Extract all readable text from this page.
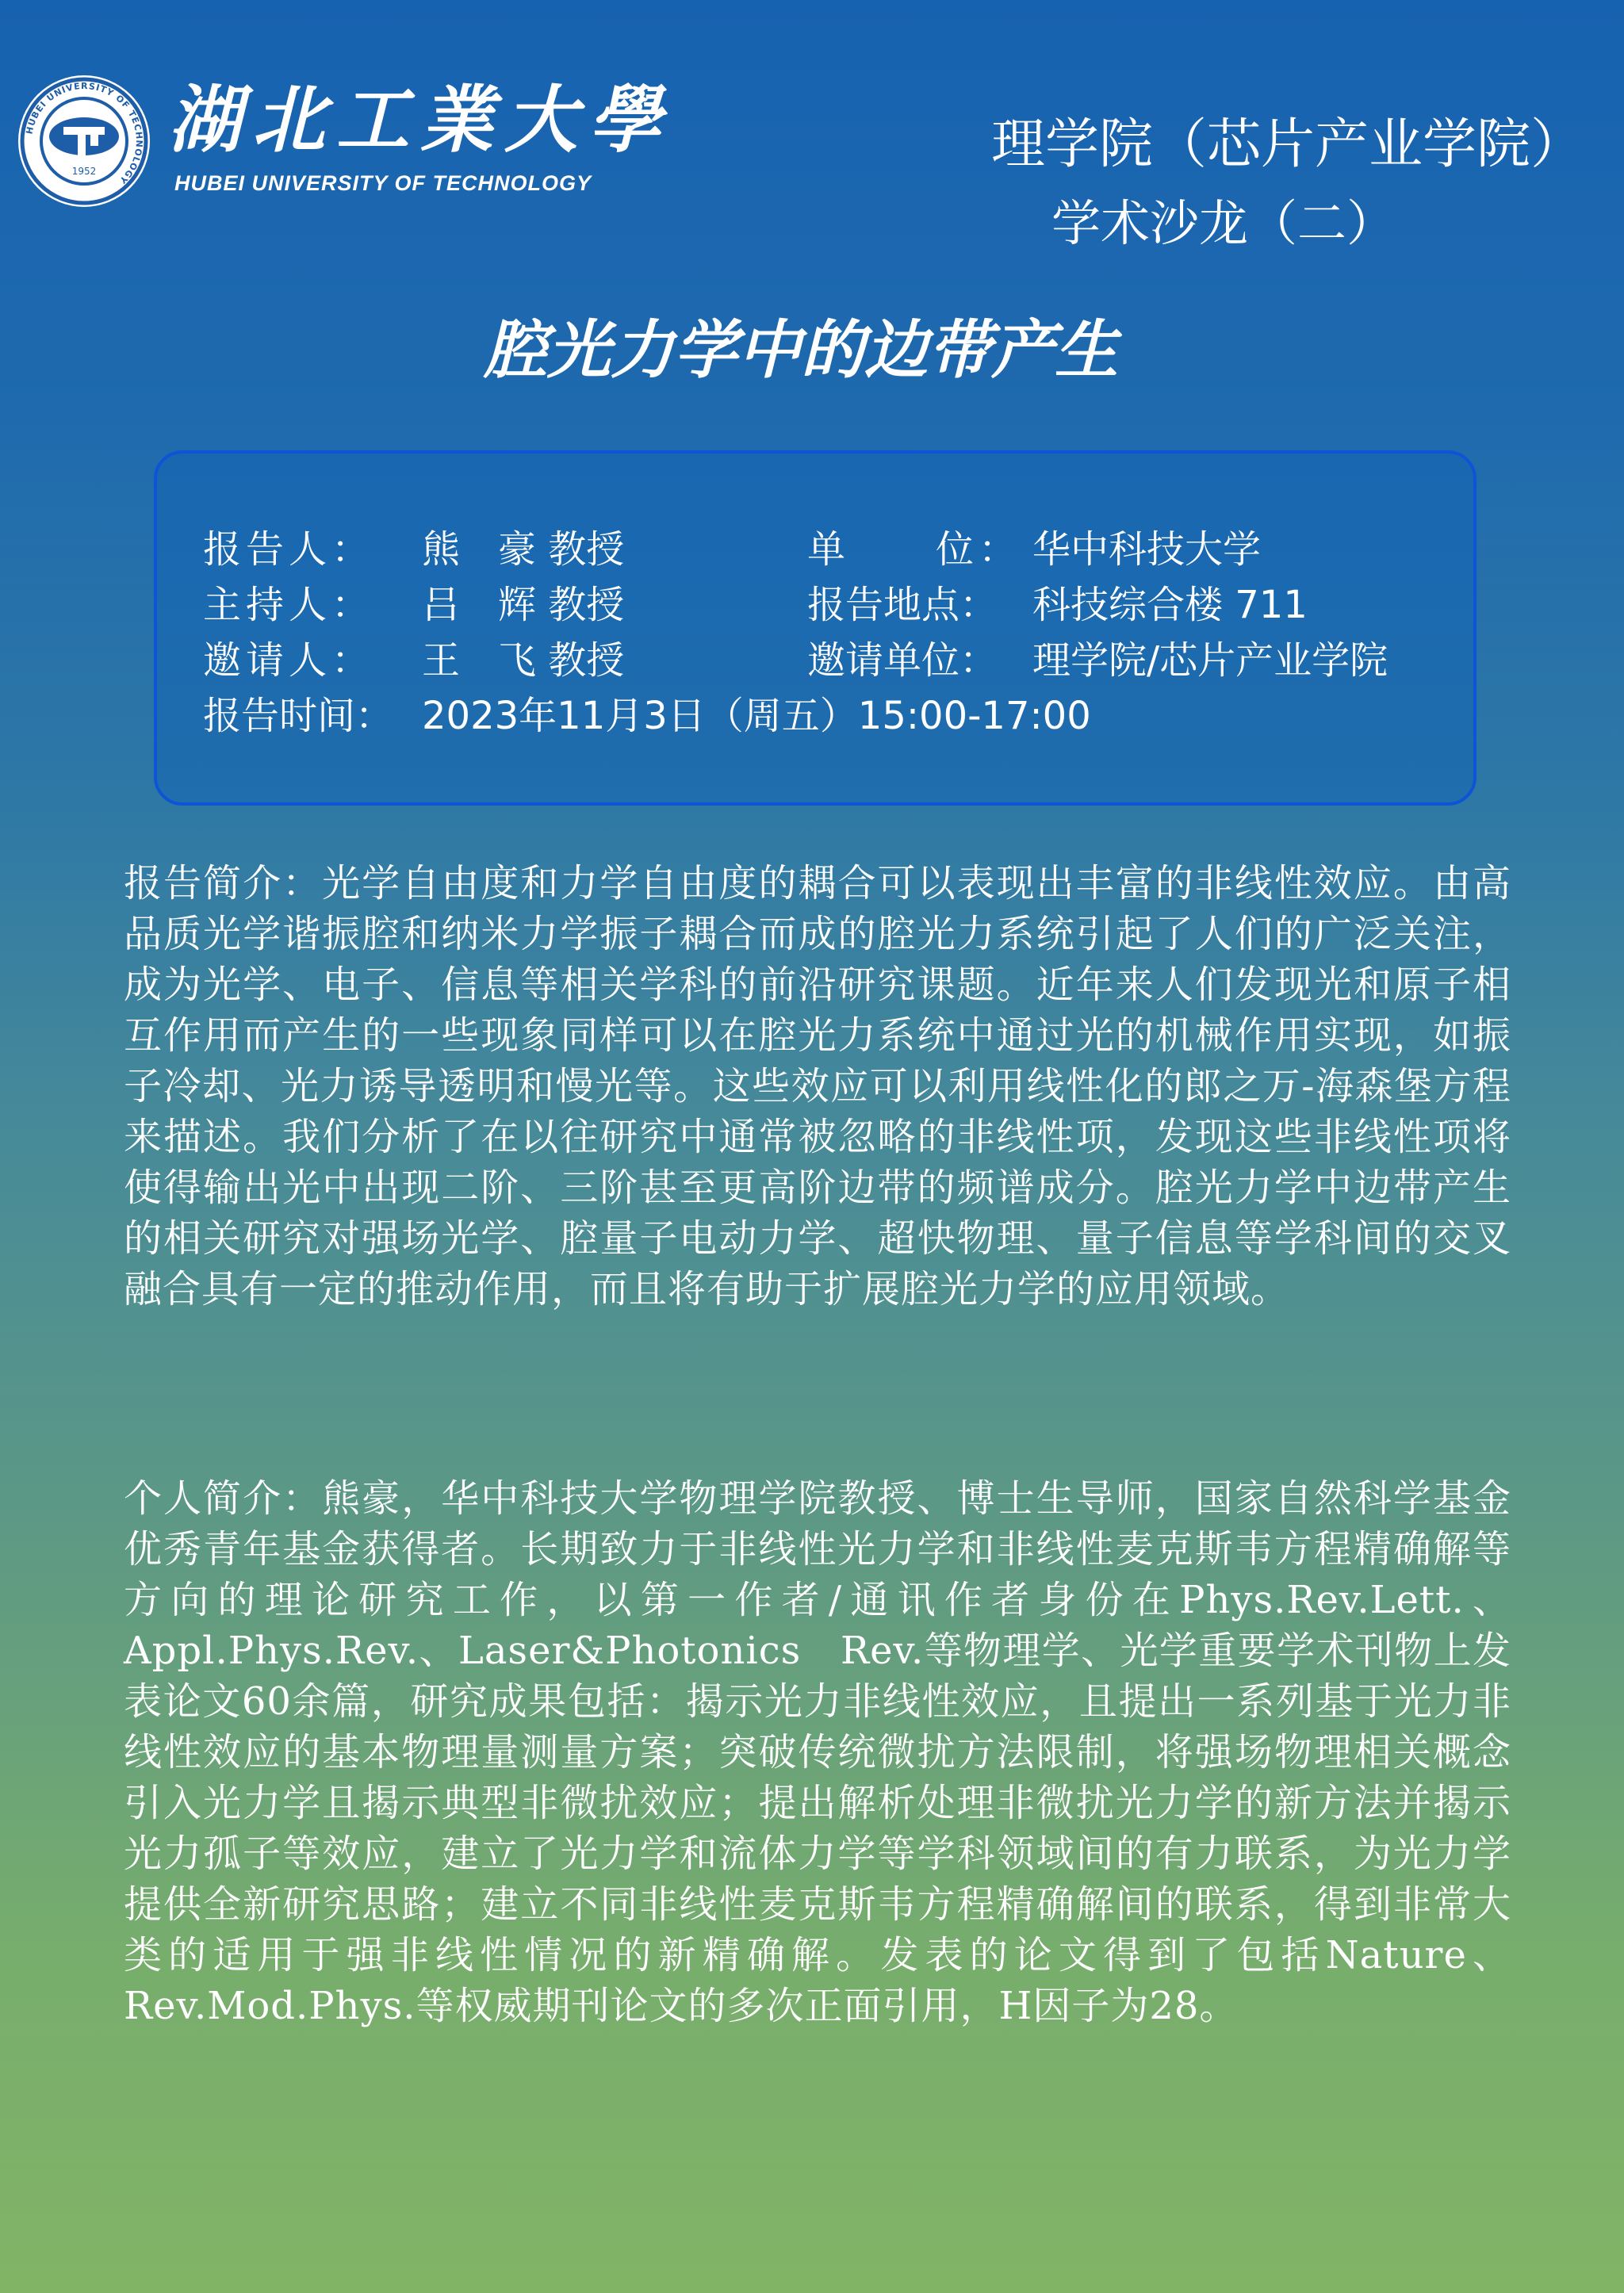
HUBEI UNIVERSITY OF TECHNOLOGY
1952
湖北工業大學
HUBEI UNIVERSITY OF TECHNOLOGY
理学院（芯片产业学院）
学术沙龙（二）
腔光力学中的边带产生
报告人： 熊　豪 教授	单　　位： 华中科技大学
主持人： 吕　辉 教授	报告地点： 科技综合楼 711
邀请人： 王　飞 教授	邀请单位： 理学院/芯片产业学院
报告时间： 2023年11月3日（周五）15:00-17:00
报告简介：光学自由度和力学自由度的耦合可以表现出丰富的非线性效应。由高品质光学谐振腔和纳米力学振子耦合而成的腔光力系统引起了人们的广泛关注，成为光学、电子、信息等相关学科的前沿研究课题。近年来人们发现光和原子相互作用而产生的一些现象同样可以在腔光力系统中通过光的机械作用实现，如振子冷却、光力诱导透明和慢光等。这些效应可以利用线性化的郎之万-海森堡方程来描述。我们分析了在以往研究中通常被忽略的非线性项，发现这些非线性项将使得输出光中出现二阶、三阶甚至更高阶边带的频谱成分。腔光力学中边带产生的相关研究对强场光学、腔量子电动力学、超快物理、量子信息等学科间的交叉融合具有一定的推动作用，而且将有助于扩展腔光力学的应用领域。
个人简介：熊豪，华中科技大学物理学院教授、博士生导师，国家自然科学基金优秀青年基金获得者。长期致力于非线性光力学和非线性麦克斯韦方程精确解等方向的理论研究工作，以第一作者/通讯作者身份在Phys.Rev.Lett.、Appl.Phys.Rev.、Laser&Photonics　Rev.等物理学、光学重要学术刊物上发表论文60余篇，研究成果包括：揭示光力非线性效应，且提出一系列基于光力非线性效应的基本物理量测量方案；突破传统微扰方法限制，将强场物理相关概念引入光力学且揭示典型非微扰效应；提出解析处理非微扰光力学的新方法并揭示光力孤子等效应，建立了光力学和流体力学等学科领域间的有力联系，为光力学提供全新研究思路；建立不同非线性麦克斯韦方程精确解间的联系，得到非常大类的适用于强非线性情况的新精确解。发表的论文得到了包括Nature、Rev.Mod.Phys.等权威期刊论文的多次正面引用，H因子为28。
